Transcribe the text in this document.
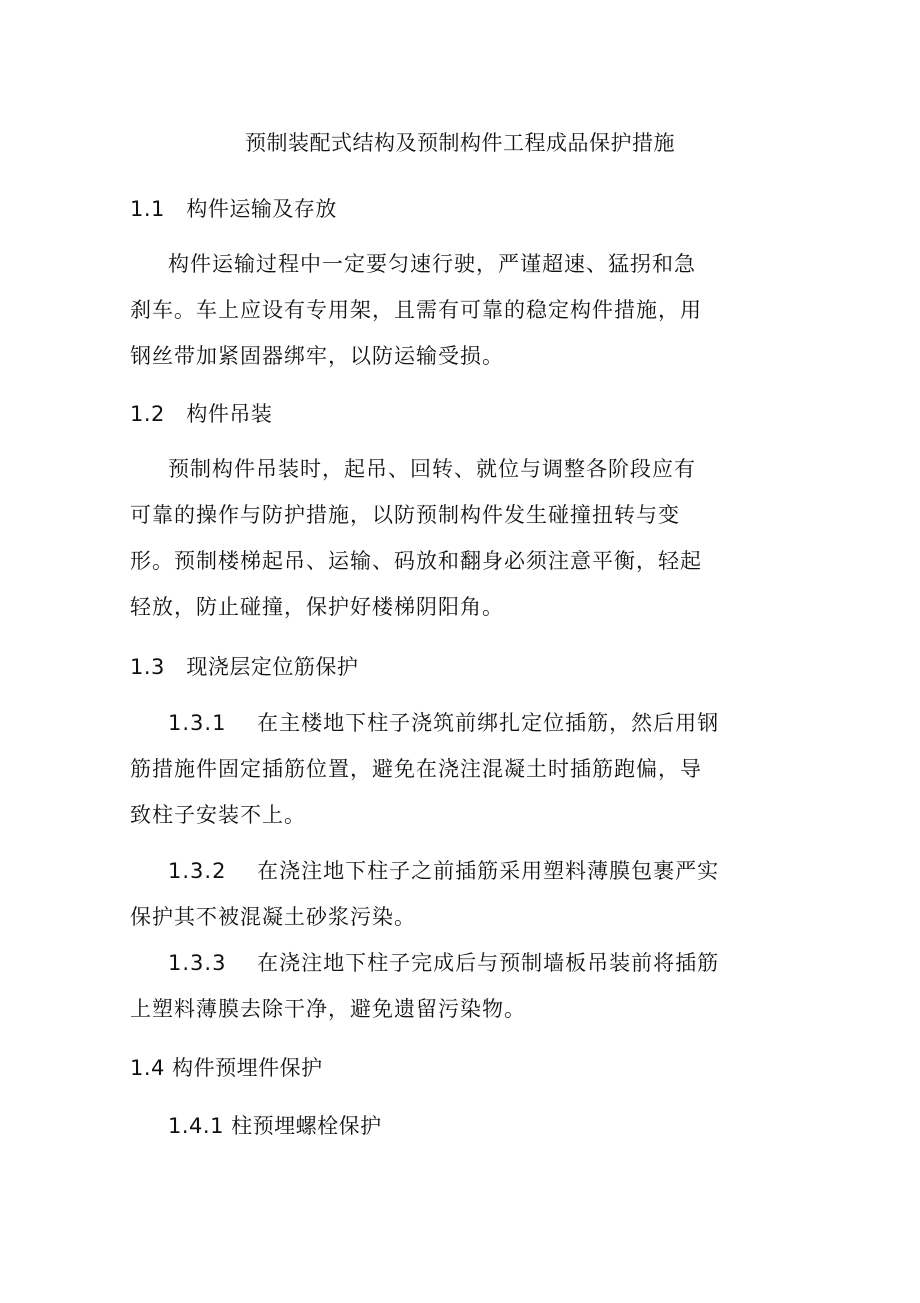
预制装配式结构及预制构件工程成品保护措施
1.1   构件运输及存放
构件运输过程中一定要匀速行驶，严谨超速、猛拐和急
刹车。车上应设有专用架，且需有可靠的稳定构件措施，用
钢丝带加紧固器绑牢，以防运输受损。
1.2   构件吊装
预制构件吊装时，起吊、回转、就位与调整各阶段应有
可靠的操作与防护措施，以防预制构件发生碰撞扭转与变
形。预制楼梯起吊、运输、码放和翻身必须注意平衡，轻起
轻放，防止碰撞，保护好楼梯阴阳角。
1.3   现浇层定位筋保护
1.3.1    在主楼地下柱子浇筑前绑扎定位插筋，然后用钢
筋措施件固定插筋位置，避免在浇注混凝土时插筋跑偏，导
致柱子安装不上。
1.3.2    在浇注地下柱子之前插筋采用塑料薄膜包裹严实
保护其不被混凝土砂浆污染。
1.3.3    在浇注地下柱子完成后与预制墙板吊装前将插筋
上塑料薄膜去除干净，避免遗留污染物。
1.4 构件预埋件保护
1.4.1 柱预埋螺栓保护
